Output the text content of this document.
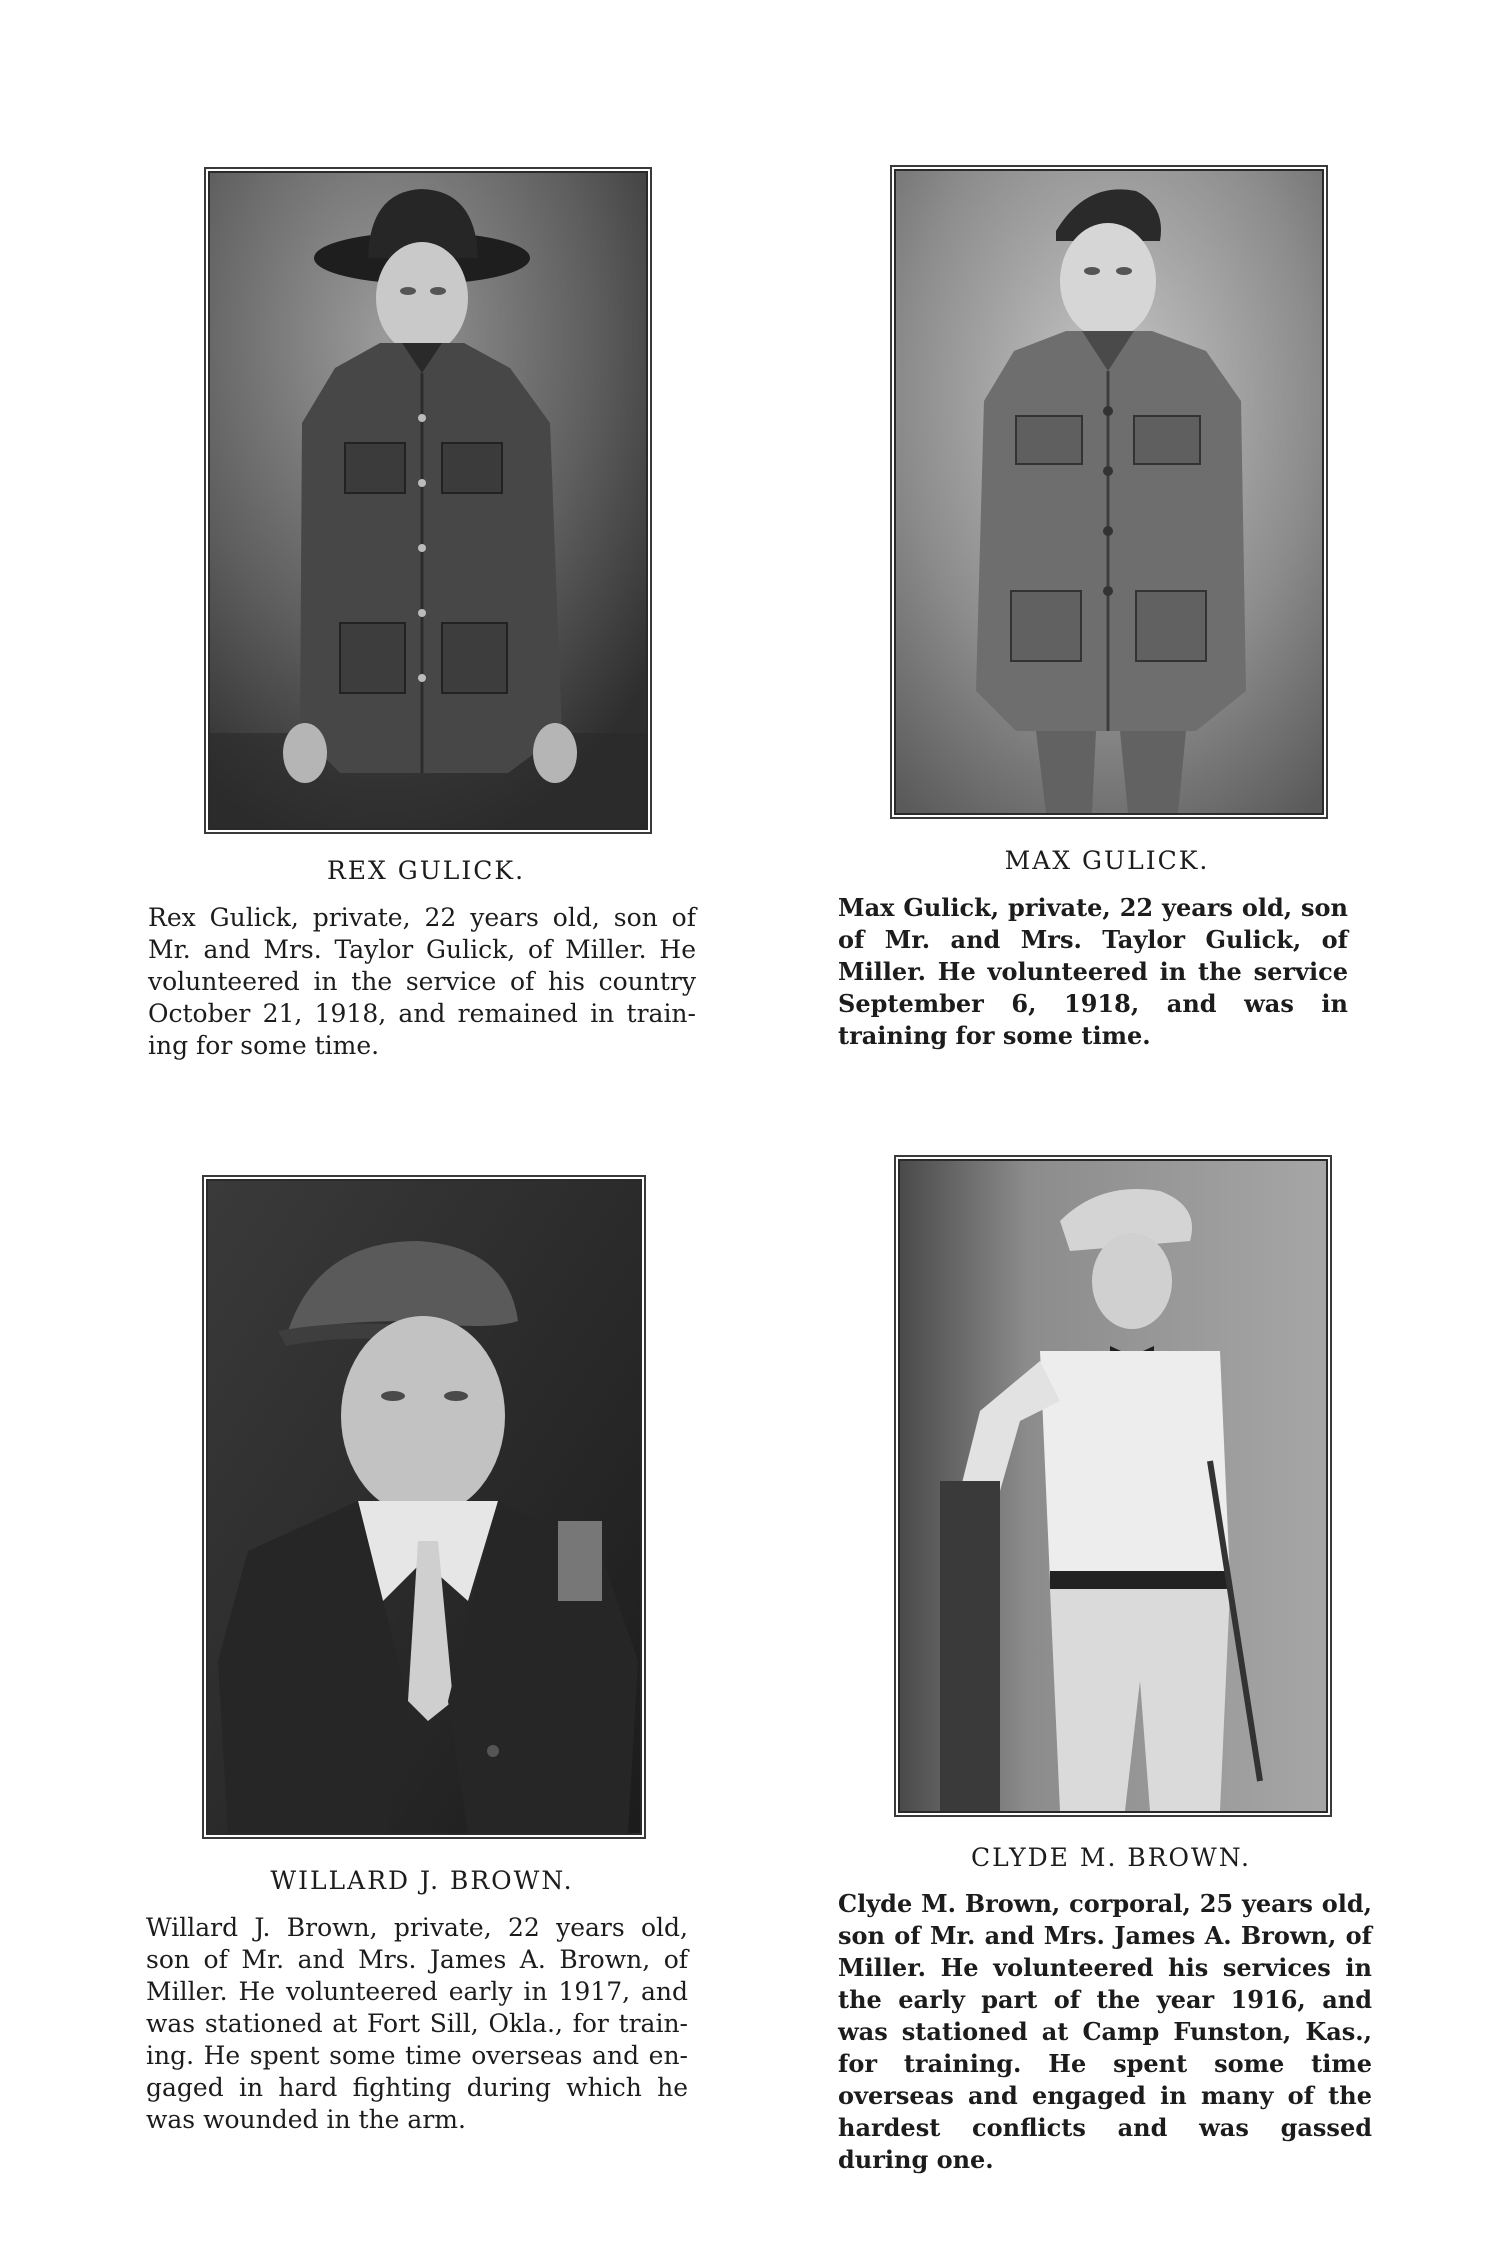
REX GULICK.
Rex Gulick, private, 22 years old, son of Mr. and Mrs. Taylor Gulick, of Miller. He volunteered in the service of his country October 21, 1918, and remained in training for some time.
MAX GULICK.
Max Gulick, private, 22 years old, son of Mr. and Mrs. Taylor Gulick, of Miller. He volunteered in the service September 6, 1918, and was in training for some time.
WILLARD J. BROWN.
Willard J. Brown, private, 22 years old, son of Mr. and Mrs. James A. Brown, of Miller. He volunteered early in 1917, and was stationed at Fort Sill, Okla., for training. He spent some time overseas and engaged in hard fighting during which he was wounded in the arm.
CLYDE M. BROWN.
Clyde M. Brown, corporal, 25 years old, son of Mr. and Mrs. James A. Brown, of Miller. He volunteered his services in the early part of the year 1916, and was stationed at Camp Funston, Kas., for training. He spent some time overseas and engaged in many of the hardest conflicts and was gassed during one.
